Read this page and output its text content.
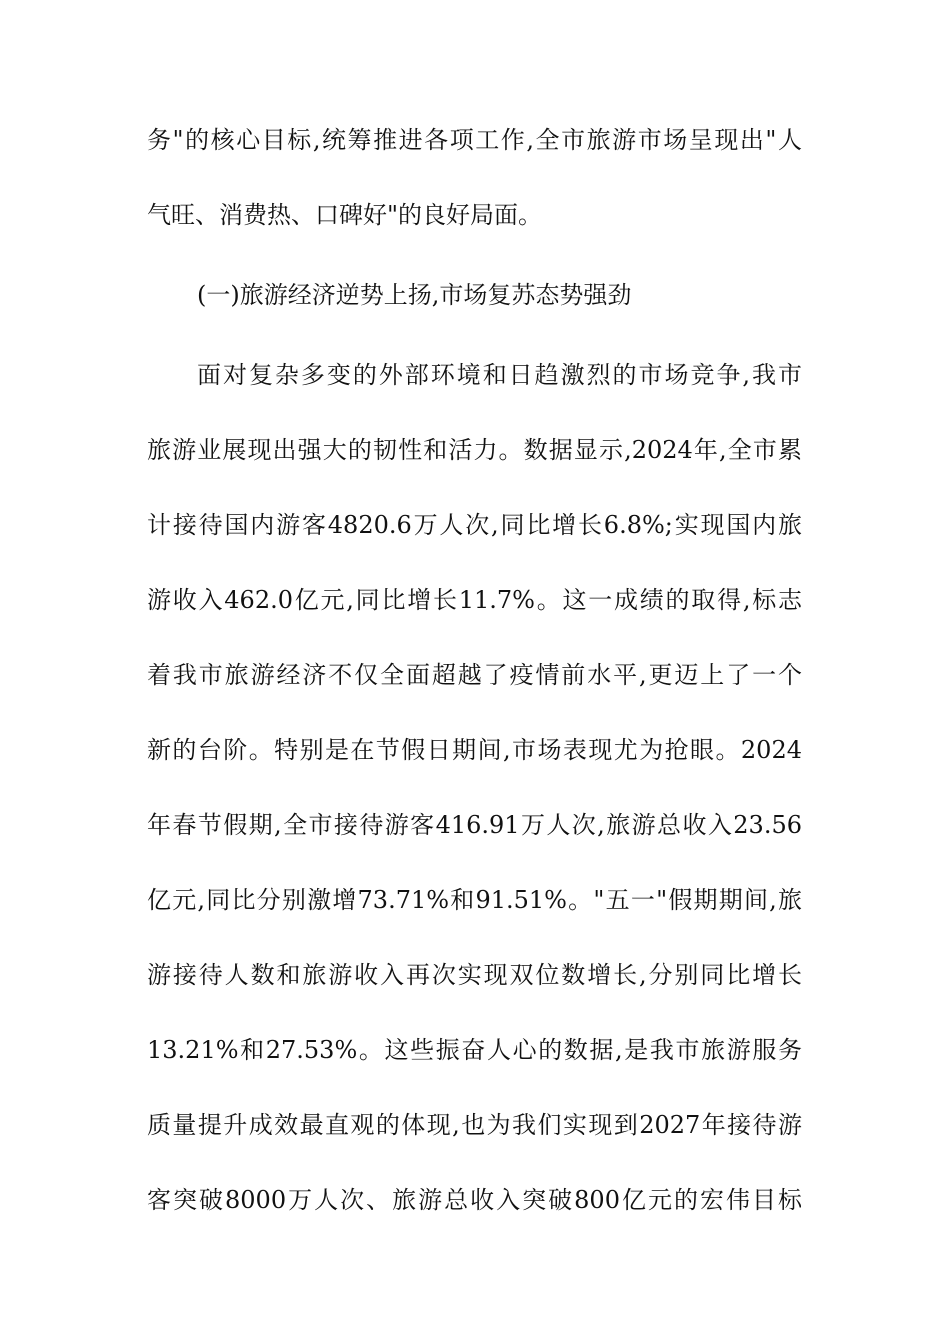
务"的核心目标,统筹推进各项工作,全市旅游市场呈现出"人
气旺、消费热、口碑好"的良好局面。
(一)旅游经济逆势上扬,市场复苏态势强劲
面对复杂多变的外部环境和日趋激烈的市场竞争,我市
旅游业展现出强大的韧性和活力。数据显示,2024年,全市累
计接待国内游客4820.6万人次,同比增长6.8%;实现国内旅
游收入462.0亿元,同比增长11.7%。这一成绩的取得,标志
着我市旅游经济不仅全面超越了疫情前水平,更迈上了一个
新的台阶。特别是在节假日期间,市场表现尤为抢眼。2024
年春节假期,全市接待游客416.91万人次,旅游总收入23.56
亿元,同比分别激增73.71%和91.51%。"五一"假期期间,旅
游接待人数和旅游收入再次实现双位数增长,分别同比增长
13.21%和27.53%。这些振奋人心的数据,是我市旅游服务
质量提升成效最直观的体现,也为我们实现到2027年接待游
客突破8000万人次、旅游总收入突破800亿元的宏伟目标
